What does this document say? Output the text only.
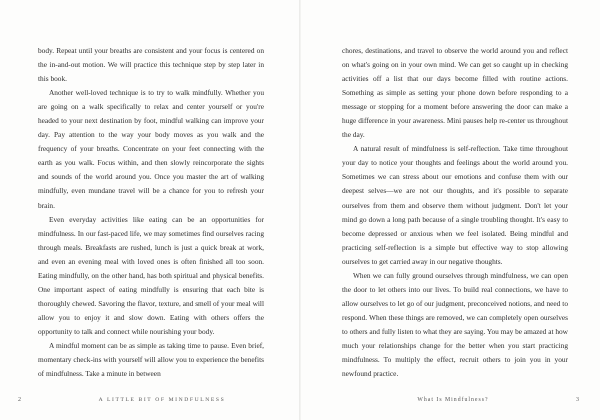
body. Repeat until your breaths are consistent and your focus is centered on the in-and-out motion. We will practice this technique step by step later in this book.

Another well-loved technique is to try to walk mindfully. Whether you are going on a walk specifically to relax and center yourself or you're headed to your next destination by foot, mindful walking can improve your day. Pay attention to the way your body moves as you walk and the frequency of your breaths. Concentrate on your feet connecting with the earth as you walk. Focus within, and then slowly reincorporate the sights and sounds of the world around you. Once you master the art of walking mindfully, even mundane travel will be a chance for you to refresh your brain.

Even everyday activities like eating can be an opportunities for mindfulness. In our fast-paced life, we may sometimes find ourselves racing through meals. Breakfasts are rushed, lunch is just a quick break at work, and even an evening meal with loved ones is often finished all too soon. Eating mindfully, on the other hand, has both spiritual and physical benefits. One important aspect of eating mindfully is ensuring that each bite is thoroughly chewed. Savoring the flavor, texture, and smell of your meal will allow you to enjoy it and slow down. Eating with others offers the opportunity to talk and connect while nourishing your body.

A mindful moment can be as simple as taking time to pause. Even brief, momentary check-ins with yourself will allow you to experience the benefits of mindfulness. Take a minute in between

2	A LITTLE BIT OF MINDFULNESS

chores, destinations, and travel to observe the world around you and reflect on what's going on in your own mind. We can get so caught up in checking activities off a list that our days become filled with routine actions. Something as simple as setting your phone down before responding to a message or stopping for a moment before answering the door can make a huge difference in your awareness. Mini pauses help re-center us throughout the day.

A natural result of mindfulness is self-reflection. Take time throughout your day to notice your thoughts and feelings about the world around you. Sometimes we can stress about our emotions and confuse them with our deepest selves—we are not our thoughts, and it's possible to separate ourselves from them and observe them without judgment. Don't let your mind go down a long path because of a single troubling thought. It's easy to become depressed or anxious when we feel isolated. Being mindful and practicing self-reflection is a simple but effective way to stop allowing ourselves to get carried away in our negative thoughts.

When we can fully ground ourselves through mindfulness, we can open the door to let others into our lives. To build real connections, we have to allow ourselves to let go of our judgment, preconceived notions, and need to respond. When these things are removed, we can completely open ourselves to others and fully listen to what they are saying. You may be amazed at how much your relationships change for the better when you start practicing mindfulness. To multiply the effect, recruit others to join you in your newfound practice.

What Is Mindfulness?	3
